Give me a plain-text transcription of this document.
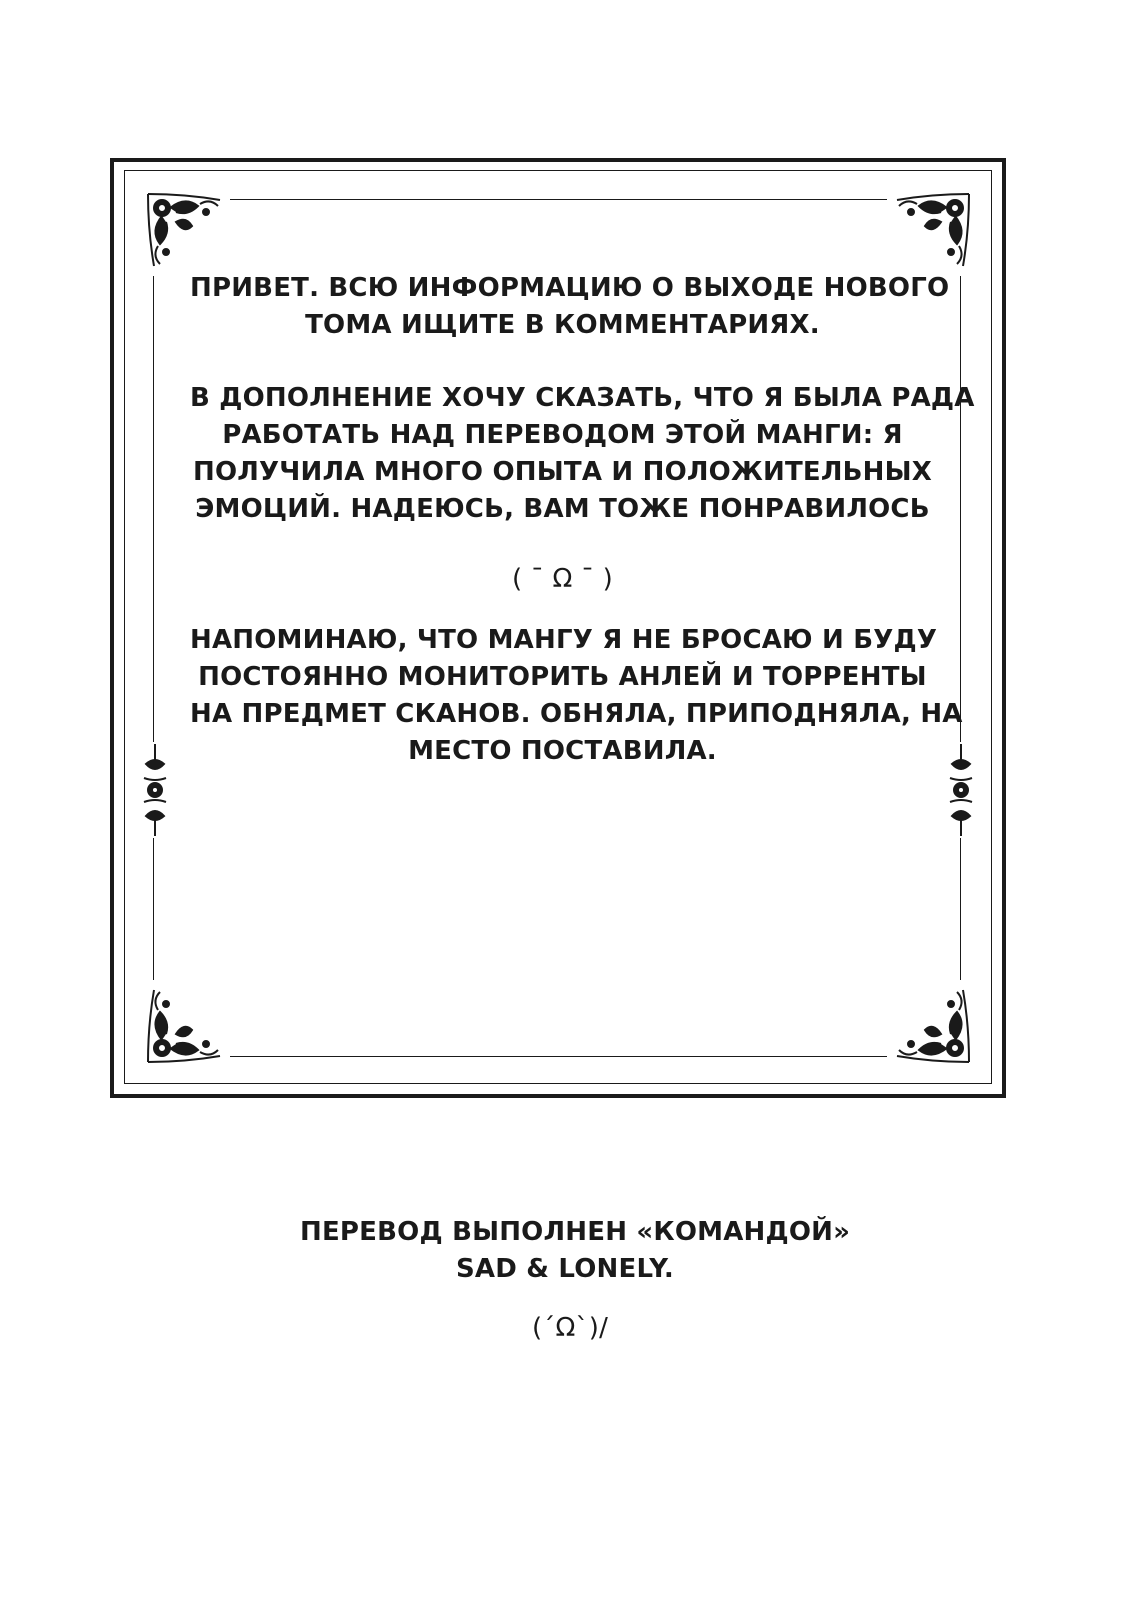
ПРИВЕТ. ВСЮ ИНФОРМАЦИЮ О ВЫХОДЕ НОВОГО
ТОМА ИЩИТЕ В КОММЕНТАРИЯХ.
В ДОПОЛНЕНИЕ ХОЧУ СКАЗАТЬ, ЧТО Я БЫЛА РАДА
РАБОТАТЬ НАД ПЕРЕВОДОМ ЭТОЙ МАНГИ: Я
ПОЛУЧИЛА МНОГО ОПЫТА И ПОЛОЖИТЕЛЬНЫХ
ЭМОЦИЙ. НАДЕЮСЬ, ВАМ ТОЖЕ ПОНРАВИЛОСЬ
( ¯ Ω ¯ )
НАПОМИНАЮ, ЧТО МАНГУ Я НЕ БРОСАЮ И БУДУ
ПОСТОЯННО МОНИТОРИТЬ АНЛЕЙ И ТОРРЕНТЫ
НА ПРЕДМЕТ СКАНОВ. ОБНЯЛА, ПРИПОДНЯЛА, НА
МЕСТО ПОСТАВИЛА.
ПЕРЕВОД ВЫПОЛНЕН «КОМАНДОЙ»
SAD & LONELY.
(´Ω`)/
